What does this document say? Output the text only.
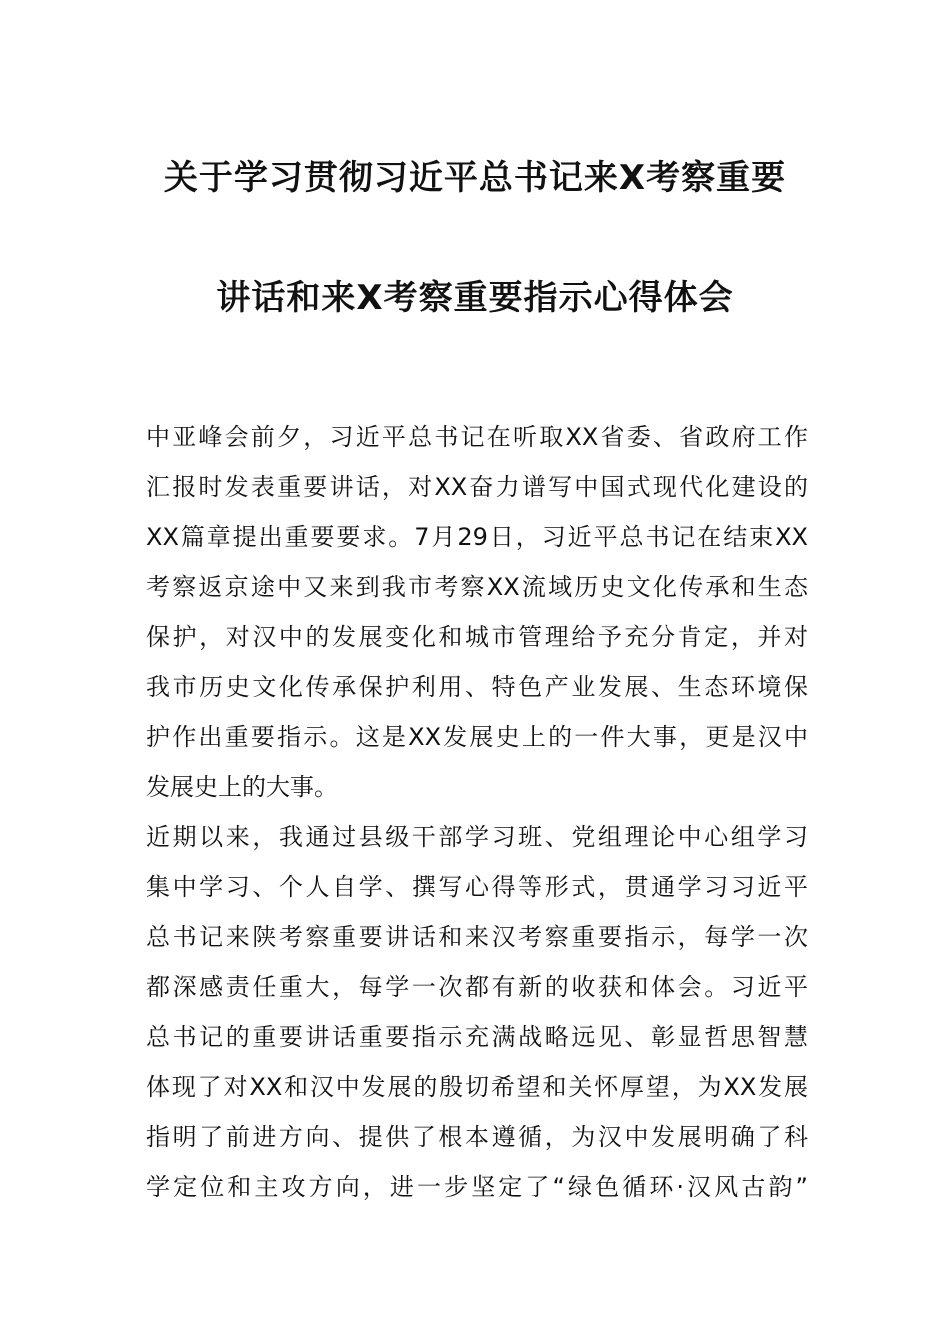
关于学习贯彻习近平总书记来X考察重要
讲话和来X考察重要指示心得体会
中亚峰会前夕，习近平总书记在听取XX省委、省政府工作
汇报时发表重要讲话，对XX奋力谱写中国式现代化建设的
XX篇章提出重要要求。7月29日，习近平总书记在结束XX
考察返京途中又来到我市考察XX流域历史文化传承和生态
保护，对汉中的发展变化和城市管理给予充分肯定，并对
我市历史文化传承保护利用、特色产业发展、生态环境保
护作出重要指示。这是XX发展史上的一件大事，更是汉中
发展史上的大事。
近期以来，我通过县级干部学习班、党组理论中心组学习
集中学习、个人自学、撰写心得等形式，贯通学习习近平
总书记来陕考察重要讲话和来汉考察重要指示，每学一次
都深感责任重大，每学一次都有新的收获和体会。习近平
总书记的重要讲话重要指示充满战略远见、彰显哲思智慧
体现了对XX和汉中发展的殷切希望和关怀厚望，为XX发展
指明了前进方向、提供了根本遵循，为汉中发展明确了科
学定位和主攻方向，进一步坚定了“绿色循环·汉风古韵”
